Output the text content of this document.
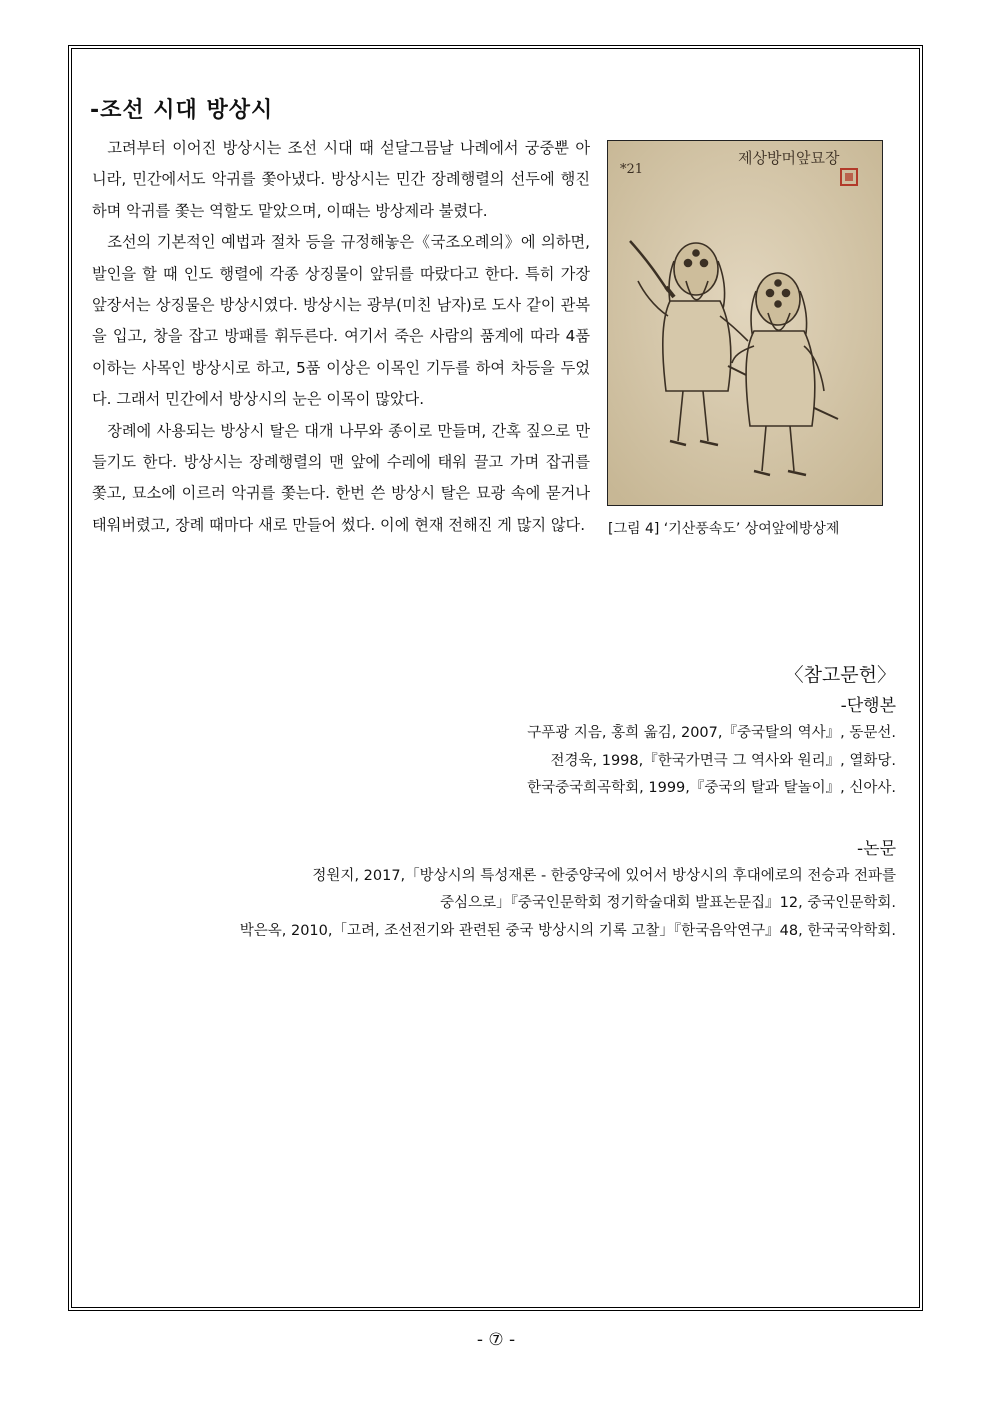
-조선 시대 방상시

고려부터 이어진 방상시는 조선 시대 때 섣달그믐날 나례에서 궁중뿐 아니라, 민간에서도 악귀를 쫓아냈다. 방상시는 민간 장례행렬의 선두에 행진하며 악귀를 쫓는 역할도 맡았으며, 이때는 방상제라 불렸다.

조선의 기본적인 예법과 절차 등을 규정해놓은《국조오례의》에 의하면, 발인을 할 때 인도 행렬에 각종 상징물이 앞뒤를 따랐다고 한다. 특히 가장 앞장서는 상징물은 방상시였다. 방상시는 광부(미친 남자)로 도사 같이 관복을 입고, 창을 잡고 방패를 휘두른다. 여기서 죽은 사람의 품계에 따라 4품 이하는 사목인 방상시로 하고, 5품 이상은 이목인 기두를 하여 차등을 두었다. 그래서 민간에서 방상시의 눈은 이목이 많았다.

장례에 사용되는 방상시 탈은 대개 나무와 종이로 만들며, 간혹 짚으로 만들기도 한다. 방상시는 장례행렬의 맨 앞에 수레에 태워 끌고 가며 잡귀를 쫓고, 묘소에 이르러 악귀를 쫓는다. 한번 쓴 방상시 탈은 묘광 속에 묻거나 태워버렸고, 장례 때마다 새로 만들어 썼다. 이에 현재 전해진 게 많지 않다.

제상방머앞묘장
*21
[그림 4] ‘기산풍속도’ 상여앞에방상제
〈참고문헌〉
-단행본
구푸광 지음, 홍희 옮김, 2007,『중국탈의 역사』, 동문선.
전경욱, 1998,『한국가면극 그 역사와 원리』, 열화당.
한국중국희곡학회, 1999,『중국의 탈과 탈놀이』, 신아사.
-논문
정원지, 2017,「방상시의 특성재론 - 한중양국에 있어서 방상시의 후대에로의 전승과 전파를
중심으로」『중국인문학회 정기학술대회 발표논문집』12, 중국인문학회.
박은옥, 2010,「고려, 조선전기와 관련된 중국 방상시의 기록 고찰」『한국음악연구』48, 한국국악학회.
- ⑦ -
